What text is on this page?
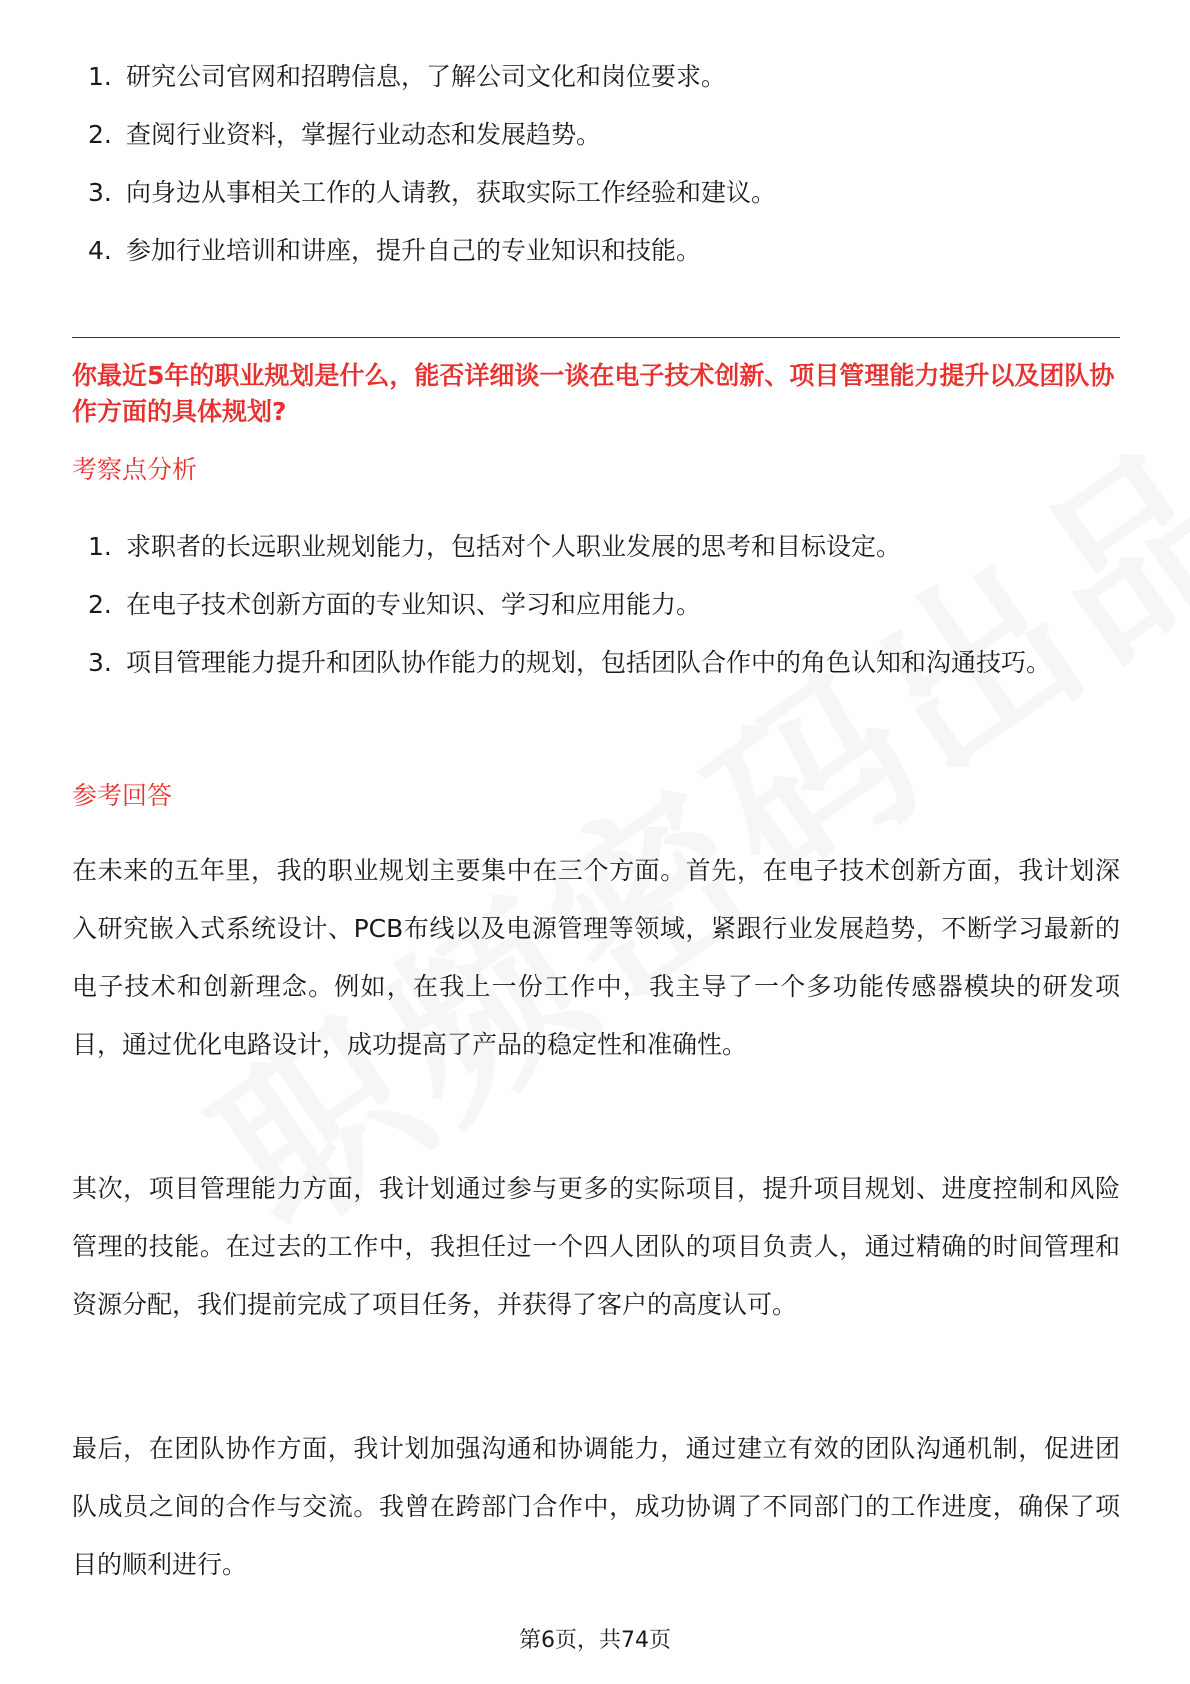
1. 研究公司官网和招聘信息，了解公司文化和岗位要求。
2. 查阅行业资料，掌握行业动态和发展趋势。
3. 向身边从事相关工作的人请教，获取实际工作经验和建议。
4. 参加行业培训和讲座，提升自己的专业知识和技能。
你最近5年的职业规划是什么，能否详细谈一谈在电子技术创新、项目管理能力提升以及团队协作方面的具体规划?
考察点分析
1. 求职者的长远职业规划能力，包括对个人职业发展的思考和目标设定。
2. 在电子技术创新方面的专业知识、学习和应用能力。
3. 项目管理能力提升和团队协作能力的规划，包括团队合作中的角色认知和沟通技巧。
参考回答
在未来的五年里，我的职业规划主要集中在三个方面。首先，在电子技术创新方面，我计划深入研究嵌入式系统设计、PCB布线以及电源管理等领域，紧跟行业发展趋势，不断学习最新的电子技术和创新理念。例如，在我上一份工作中，我主导了一个多功能传感器模块的研发项目，通过优化电路设计，成功提高了产品的稳定性和准确性。
其次，项目管理能力方面，我计划通过参与更多的实际项目，提升项目规划、进度控制和风险管理的技能。在过去的工作中，我担任过一个四人团队的项目负责人，通过精确的时间管理和资源分配，我们提前完成了项目任务，并获得了客户的高度认可。
最后，在团队协作方面，我计划加强沟通和协调能力，通过建立有效的团队沟通机制，促进团队成员之间的合作与交流。我曾在跨部门合作中，成功协调了不同部门的工作进度，确保了项目的顺利进行。
第6页，共74页
